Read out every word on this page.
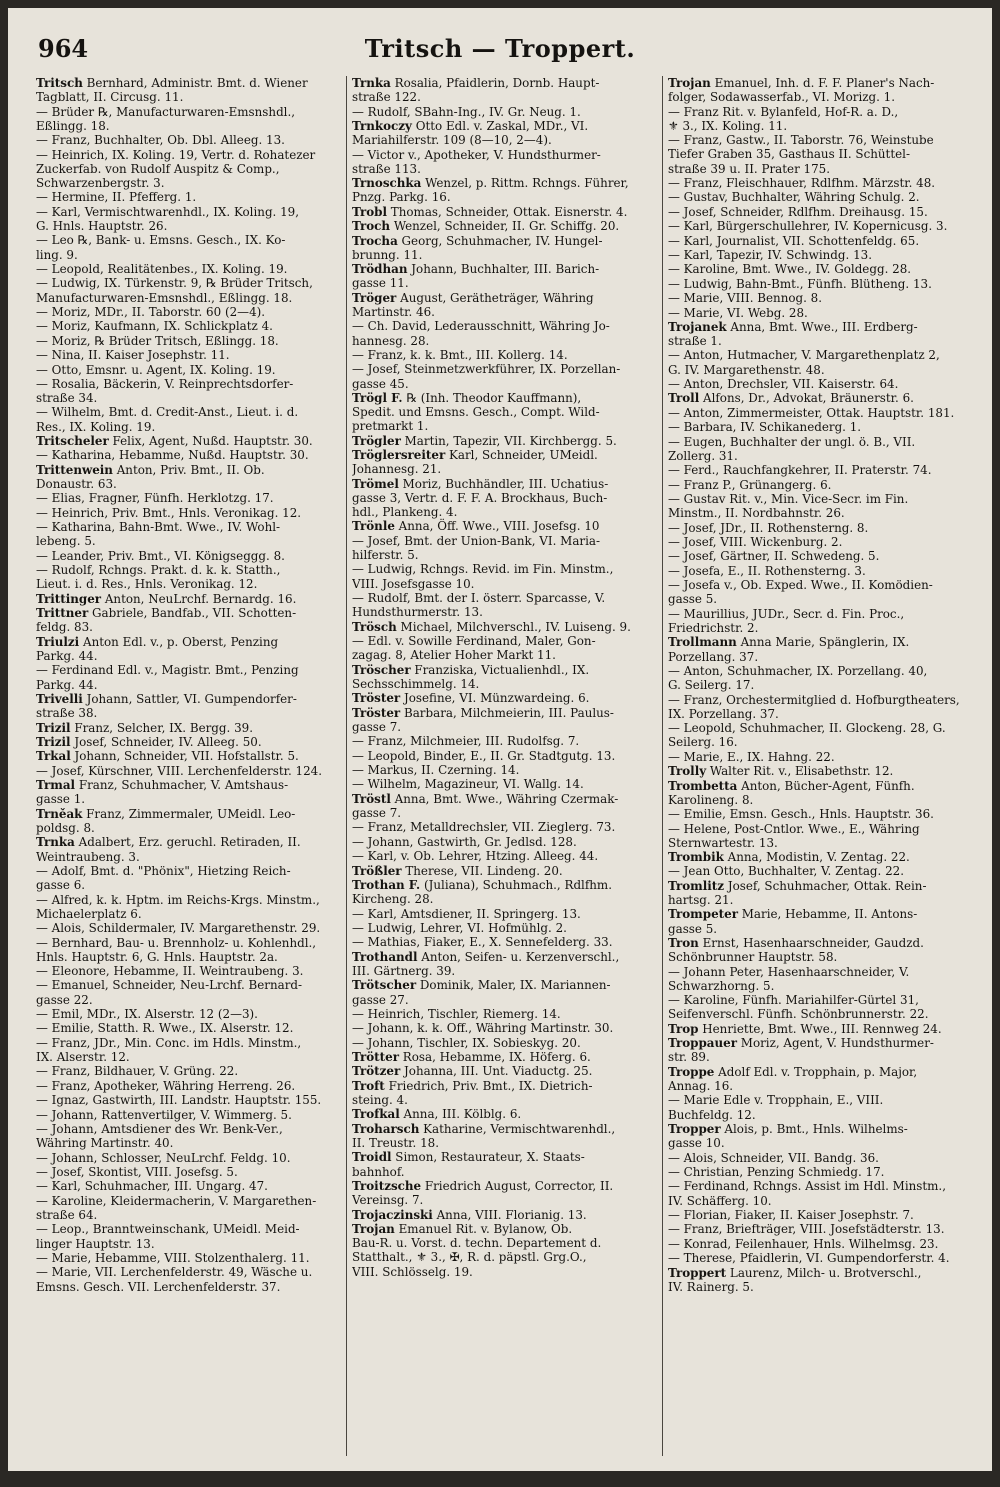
964	Tritsch — Troppert.
Tritsch Bernhard, Administr. Bmt. d. Wiener
Tagblatt, II. Circusg. 11.
— Brüder ℞, Manufacturwaren-Emsnshdl.,
Eßlingg. 18.
— Franz, Buchhalter, Ob. Dbl. Alleeg. 13.
— Heinrich, IX. Koling. 19, Vertr. d. Rohatezer
Zuckerfab. von Rudolf Auspitz & Comp.,
Schwarzenbergstr. 3.
— Hermine, II. Pfefferg. 1.
— Karl, Vermischtwarenhdl., IX. Koling. 19,
G. Hnls. Hauptstr. 26.
— Leo ℞, Bank- u. Emsns. Gesch., IX. Ko-
ling. 9.
— Leopold, Realitätenbes., IX. Koling. 19.
— Ludwig, IX. Türkenstr. 9, ℞ Brüder Tritsch,
Manufacturwaren-Emsnshdl., Eßlingg. 18.
— Moriz, MDr., II. Taborstr. 60 (2—4).
— Moriz, Kaufmann, IX. Schlickplatz 4.
— Moriz, ℞ Brüder Tritsch, Eßlingg. 18.
— Nina, II. Kaiser Josephstr. 11.
— Otto, Emsnr. u. Agent, IX. Koling. 19.
— Rosalia, Bäckerin, V. Reinprechtsdorfer-
straße 34.
— Wilhelm, Bmt. d. Credit-Anst., Lieut. i. d.
Res., IX. Koling. 19.
Tritscheler Felix, Agent, Nußd. Hauptstr. 30.
— Katharina, Hebamme, Nußd. Hauptstr. 30.
Trittenwein Anton, Priv. Bmt., II. Ob.
Donaustr. 63.
— Elias, Fragner, Fünfh. Herklotzg. 17.
— Heinrich, Priv. Bmt., Hnls. Veronikag. 12.
— Katharina, Bahn-Bmt. Wwe., IV. Wohl-
lebeng. 5.
— Leander, Priv. Bmt., VI. Königseggg. 8.
— Rudolf, Rchngs. Prakt. d. k. k. Statth.,
Lieut. i. d. Res., Hnls. Veronikag. 12.
Trittinger Anton, NeuLrchf. Bernardg. 16.
Trittner Gabriele, Bandfab., VII. Schotten-
feldg. 83.
Triulzi Anton Edl. v., p. Oberst, Penzing
Parkg. 44.
— Ferdinand Edl. v., Magistr. Bmt., Penzing
Parkg. 44.
Trivelli Johann, Sattler, VI. Gumpendorfer-
straße 38.
Trizil Franz, Selcher, IX. Bergg. 39.
Trizil Josef, Schneider, IV. Alleeg. 50.
Trkal Johann, Schneider, VII. Hofstallstr. 5.
— Josef, Kürschner, VIII. Lerchenfelderstr. 124.
Trmal Franz, Schuhmacher, V. Amtshaus-
gasse 1.
Trněak Franz, Zimmermaler, UMeidl. Leo-
poldsg. 8.
Trnka Adalbert, Erz. geruchl. Retiraden, II.
Weintraubeng. 3.
— Adolf, Bmt. d. "Phönix", Hietzing Reich-
gasse 6.
— Alfred, k. k. Hptm. im Reichs-Krgs. Minstm.,
Michaelerplatz 6.
— Alois, Schildermaler, IV. Margarethenstr. 29.
— Bernhard, Bau- u. Brennholz- u. Kohlenhdl.,
Hnls. Hauptstr. 6, G. Hnls. Hauptstr. 2a.
— Eleonore, Hebamme, II. Weintraubeng. 3.
— Emanuel, Schneider, Neu-Lrchf. Bernard-
gasse 22.
— Emil, MDr., IX. Alserstr. 12 (2—3).
— Emilie, Statth. R. Wwe., IX. Alserstr. 12.
— Franz, JDr., Min. Conc. im Hdls. Minstm.,
IX. Alserstr. 12.
— Franz, Bildhauer, V. Grüng. 22.
— Franz, Apotheker, Währing Herreng. 26.
— Ignaz, Gastwirth, III. Landstr. Hauptstr. 155.
— Johann, Rattenvertilger, V. Wimmerg. 5.
— Johann, Amtsdiener des Wr. Benk-Ver.,
Währing Martinstr. 40.
— Johann, Schlosser, NeuLrchf. Feldg. 10.
— Josef, Skontist, VIII. Josefsg. 5.
— Karl, Schuhmacher, III. Ungarg. 47.
— Karoline, Kleidermacherin, V. Margarethen-
straße 64.
— Leop., Branntweinschank, UMeidl. Meid-
linger Hauptstr. 13.
— Marie, Hebamme, VIII. Stolzenthalerg. 11.
— Marie, VII. Lerchenfelderstr. 49, Wäsche u.
Emsns. Gesch. VII. Lerchenfelderstr. 37.
Trnka Rosalia, Pfaidlerin, Dornb. Haupt-
straße 122.
— Rudolf, SBahn-Ing., IV. Gr. Neug. 1.
Trnkoczy Otto Edl. v. Zaskal, MDr., VI.
Mariahilferstr. 109 (8—10, 2—4).
— Victor v., Apotheker, V. Hundsthurmer-
straße 113.
Trnoschka Wenzel, p. Rittm. Rchngs. Führer,
Pnzg. Parkg. 16.
Trobl Thomas, Schneider, Ottak. Eisnerstr. 4.
Troch Wenzel, Schneider, II. Gr. Schiffg. 20.
Trocha Georg, Schuhmacher, IV. Hungel-
brunng. 11.
Trödhan Johann, Buchhalter, III. Barich-
gasse 11.
Tröger August, Gerätheträger, Währing
Martinstr. 46.
— Ch. David, Lederausschnitt, Währing Jo-
hannesg. 28.
— Franz, k. k. Bmt., III. Kollerg. 14.
— Josef, Steinmetzwerkführer, IX. Porzellan-
gasse 45.
Trögl F. ℞ (Inh. Theodor Kauffmann),
Spedit. und Emsns. Gesch., Compt. Wild-
pretmarkt 1.
Trögler Martin, Tapezir, VII. Kirchbergg. 5.
Tröglersreiter Karl, Schneider, UMeidl.
Johannesg. 21.
Trömel Moriz, Buchhändler, III. Uchatius-
gasse 3, Vertr. d. F. F. A. Brockhaus, Buch-
hdl., Plankeng. 4.
Trönle Anna, Öff. Wwe., VIII. Josefsg. 10
— Josef, Bmt. der Union-Bank, VI. Maria-
hilferstr. 5.
— Ludwig, Rchngs. Revid. im Fin. Minstm.,
VIII. Josefsgasse 10.
— Rudolf, Bmt. der I. österr. Sparcasse, V.
Hundsthurmerstr. 13.
Trösch Michael, Milchverschl., IV. Luiseng. 9.
— Edl. v. Sowille Ferdinand, Maler, Gon-
zagag. 8, Atelier Hoher Markt 11.
Tröscher Franziska, Victualienhdl., IX.
Sechsschimmelg. 14.
Tröster Josefine, VI. Münzwardeing. 6.
Tröster Barbara, Milchmeierin, III. Paulus-
gasse 7.
— Franz, Milchmeier, III. Rudolfsg. 7.
— Leopold, Binder, E., II. Gr. Stadtgutg. 13.
— Markus, II. Czerning. 14.
— Wilhelm, Magazineur, VI. Wallg. 14.
Tröstl Anna, Bmt. Wwe., Währing Czermak-
gasse 7.
— Franz, Metalldrechsler, VII. Zieglerg. 73.
— Johann, Gastwirth, Gr. Jedlsd. 128.
— Karl, v. Ob. Lehrer, Htzing. Alleeg. 44.
Trößler Therese, VII. Lindeng. 20.
Trothan F. (Juliana), Schuhmach., Rdlfhm.
Kircheng. 28.
— Karl, Amtsdiener, II. Springerg. 13.
— Ludwig, Lehrer, VI. Hofmühlg. 2.
— Mathias, Fiaker, E., X. Sennefelderg. 33.
Trothandl Anton, Seifen- u. Kerzenverschl.,
III. Gärtnerg. 39.
Trötscher Dominik, Maler, IX. Mariannen-
gasse 27.
— Heinrich, Tischler, Riemerg. 14.
— Johann, k. k. Off., Währing Martinstr. 30.
— Johann, Tischler, IX. Sobieskyg. 20.
Trötter Rosa, Hebamme, IX. Höferg. 6.
Trötzer Johanna, III. Unt. Viaductg. 25.
Troft Friedrich, Priv. Bmt., IX. Dietrich-
steing. 4.
Trofkal Anna, III. Kölblg. 6.
Troharsch Katharine, Vermischtwarenhdl.,
II. Treustr. 18.
Troidl Simon, Restaurateur, X. Staats-
bahnhof.
Troitzsche Friedrich August, Corrector, II.
Vereinsg. 7.
Trojaczinski Anna, VIII. Florianig. 13.
Trojan Emanuel Rit. v. Bylanow, Ob.
Bau-R. u. Vorst. d. techn. Departement d.
Statthalt., ⚜ 3., ✠, R. d. päpstl. Grg.O.,
VIII. Schlösselg. 19.
Trojan Emanuel, Inh. d. F. F. Planer's Nach-
folger, Sodawasserfab., VI. Morizg. 1.
— Franz Rit. v. Bylanfeld, Hof-R. a. D.,
⚜ 3., IX. Koling. 11.
— Franz, Gastw., II. Taborstr. 76, Weinstube
Tiefer Graben 35, Gasthaus II. Schüttel-
straße 39 u. II. Prater 175.
— Franz, Fleischhauer, Rdlfhm. Märzstr. 48.
— Gustav, Buchhalter, Währing Schulg. 2.
— Josef, Schneider, Rdlfhm. Dreihausg. 15.
— Karl, Bürgerschullehrer, IV. Kopernicusg. 3.
— Karl, Journalist, VII. Schottenfeldg. 65.
— Karl, Tapezir, IV. Schwindg. 13.
— Karoline, Bmt. Wwe., IV. Goldegg. 28.
— Ludwig, Bahn-Bmt., Fünfh. Blütheng. 13.
— Marie, VIII. Bennog. 8.
— Marie, VI. Webg. 28.
Trojanek Anna, Bmt. Wwe., III. Erdberg-
straße 1.
— Anton, Hutmacher, V. Margarethenplatz 2,
G. IV. Margarethenstr. 48.
— Anton, Drechsler, VII. Kaiserstr. 64.
Troll Alfons, Dr., Advokat, Bräunerstr. 6.
— Anton, Zimmermeister, Ottak. Hauptstr. 181.
— Barbara, IV. Schikanederg. 1.
— Eugen, Buchhalter der ungl. ö. B., VII.
Zollerg. 31.
— Ferd., Rauchfangkehrer, II. Praterstr. 74.
— Franz P., Grünangerg. 6.
— Gustav Rit. v., Min. Vice-Secr. im Fin.
Minstm., II. Nordbahnstr. 26.
— Josef, JDr., II. Rothensterng. 8.
— Josef, VIII. Wickenburg. 2.
— Josef, Gärtner, II. Schwedeng. 5.
— Josefa, E., II. Rothensterng. 3.
— Josefa v., Ob. Exped. Wwe., II. Komödien-
gasse 5.
— Maurillius, JUDr., Secr. d. Fin. Proc.,
Friedrichstr. 2.
Trollmann Anna Marie, Spänglerin, IX.
Porzellang. 37.
— Anton, Schuhmacher, IX. Porzellang. 40,
G. Seilerg. 17.
— Franz, Orchestermitglied d. Hofburgtheaters,
IX. Porzellang. 37.
— Leopold, Schuhmacher, II. Glockeng. 28, G.
Seilerg. 16.
— Marie, E., IX. Hahng. 22.
Trolly Walter Rit. v., Elisabethstr. 12.
Trombetta Anton, Bücher-Agent, Fünfh.
Karolineng. 8.
— Emilie, Emsn. Gesch., Hnls. Hauptstr. 36.
— Helene, Post-Cntlor. Wwe., E., Währing
Sternwartestr. 13.
Trombik Anna, Modistin, V. Zentag. 22.
— Jean Otto, Buchhalter, V. Zentag. 22.
Tromlitz Josef, Schuhmacher, Ottak. Rein-
hartsg. 21.
Trompeter Marie, Hebamme, II. Antons-
gasse 5.
Tron Ernst, Hasenhaarschneider, Gaudzd.
Schönbrunner Hauptstr. 58.
— Johann Peter, Hasenhaarschneider, V.
Schwarzhorng. 5.
— Karoline, Fünfh. Mariahilfer-Gürtel 31,
Seifenverschl. Fünfh. Schönbrunnerstr. 22.
Trop Henriette, Bmt. Wwe., III. Rennweg 24.
Troppauer Moriz, Agent, V. Hundsthurmer-
str. 89.
Troppe Adolf Edl. v. Tropphain, p. Major,
Annag. 16.
— Marie Edle v. Tropphain, E., VIII.
Buchfeldg. 12.
Tropper Alois, p. Bmt., Hnls. Wilhelms-
gasse 10.
— Alois, Schneider, VII. Bandg. 36.
— Christian, Penzing Schmiedg. 17.
— Ferdinand, Rchngs. Assist im Hdl. Minstm.,
IV. Schäfferg. 10.
— Florian, Fiaker, II. Kaiser Josephstr. 7.
— Franz, Briefträger, VIII. Josefstädterstr. 13.
— Konrad, Feilenhauer, Hnls. Wilhelmsg. 23.
— Therese, Pfaidlerin, VI. Gumpendorferstr. 4.
Troppert Laurenz, Milch- u. Brotverschl.,
IV. Rainerg. 5.
